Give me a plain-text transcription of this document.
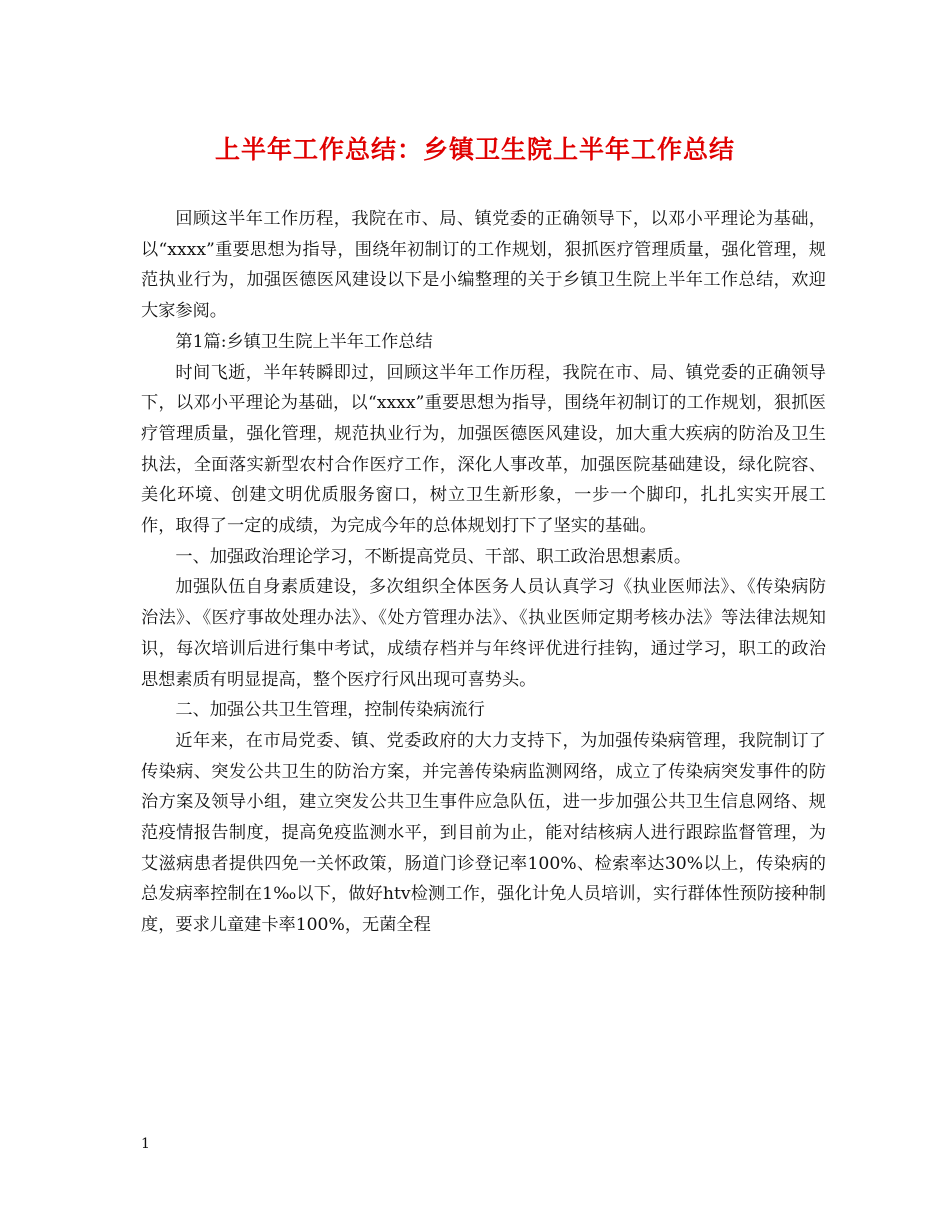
上半年工作总结：乡镇卫生院上半年工作总结

回顾这半年工作历程，我院在市、局、镇党委的正确领导下，以邓小平理论为基础，以“xxxx”重要思想为指导，围绕年初制订的工作规划，狠抓医疗管理质量，强化管理，规范执业行为，加强医德医风建设以下是小编整理的关于乡镇卫生院上半年工作总结，欢迎大家参阅。

第1篇:乡镇卫生院上半年工作总结

时间飞逝，半年转瞬即过，回顾这半年工作历程，我院在市、局、镇党委的正确领导下，以邓小平理论为基础，以“xxxx”重要思想为指导，围绕年初制订的工作规划，狠抓医疗管理质量，强化管理，规范执业行为，加强医德医风建设，加大重大疾病的防治及卫生执法，全面落实新型农村合作医疗工作，深化人事改革，加强医院基础建设，绿化院容、美化环境、创建文明优质服务窗口，树立卫生新形象，一步一个脚印，扎扎实实开展工作，取得了一定的成绩，为完成今年的总体规划打下了坚实的基础。

一、加强政治理论学习，不断提高党员、干部、职工政治思想素质。

加强队伍自身素质建设，多次组织全体医务人员认真学习《执业医师法》、《传染病防治法》、《医疗事故处理办法》、《处方管理办法》、《执业医师定期考核办法》等法律法规知识，每次培训后进行集中考试，成绩存档并与年终评优进行挂钩，通过学习，职工的政治思想素质有明显提高，整个医疗行风出现可喜势头。

二、加强公共卫生管理，控制传染病流行

近年来，在市局党委、镇、党委政府的大力支持下，为加强传染病管理，我院制订了传染病、突发公共卫生的防治方案，并完善传染病监测网络，成立了传染病突发事件的防治方案及领导小组，建立突发公共卫生事件应急队伍，进一步加强公共卫生信息网络、规范疫情报告制度，提高免疫监测水平，到目前为止，能对结核病人进行跟踪监督管理，为艾滋病患者提供四免一关怀政策，肠道门诊登记率100%、检索率达30%以上，传染病的总发病率控制在1‰以下，做好htv检测工作，强化计免人员培训，实行群体性预防接种制度，要求儿童建卡率100%，无菌全程

1
